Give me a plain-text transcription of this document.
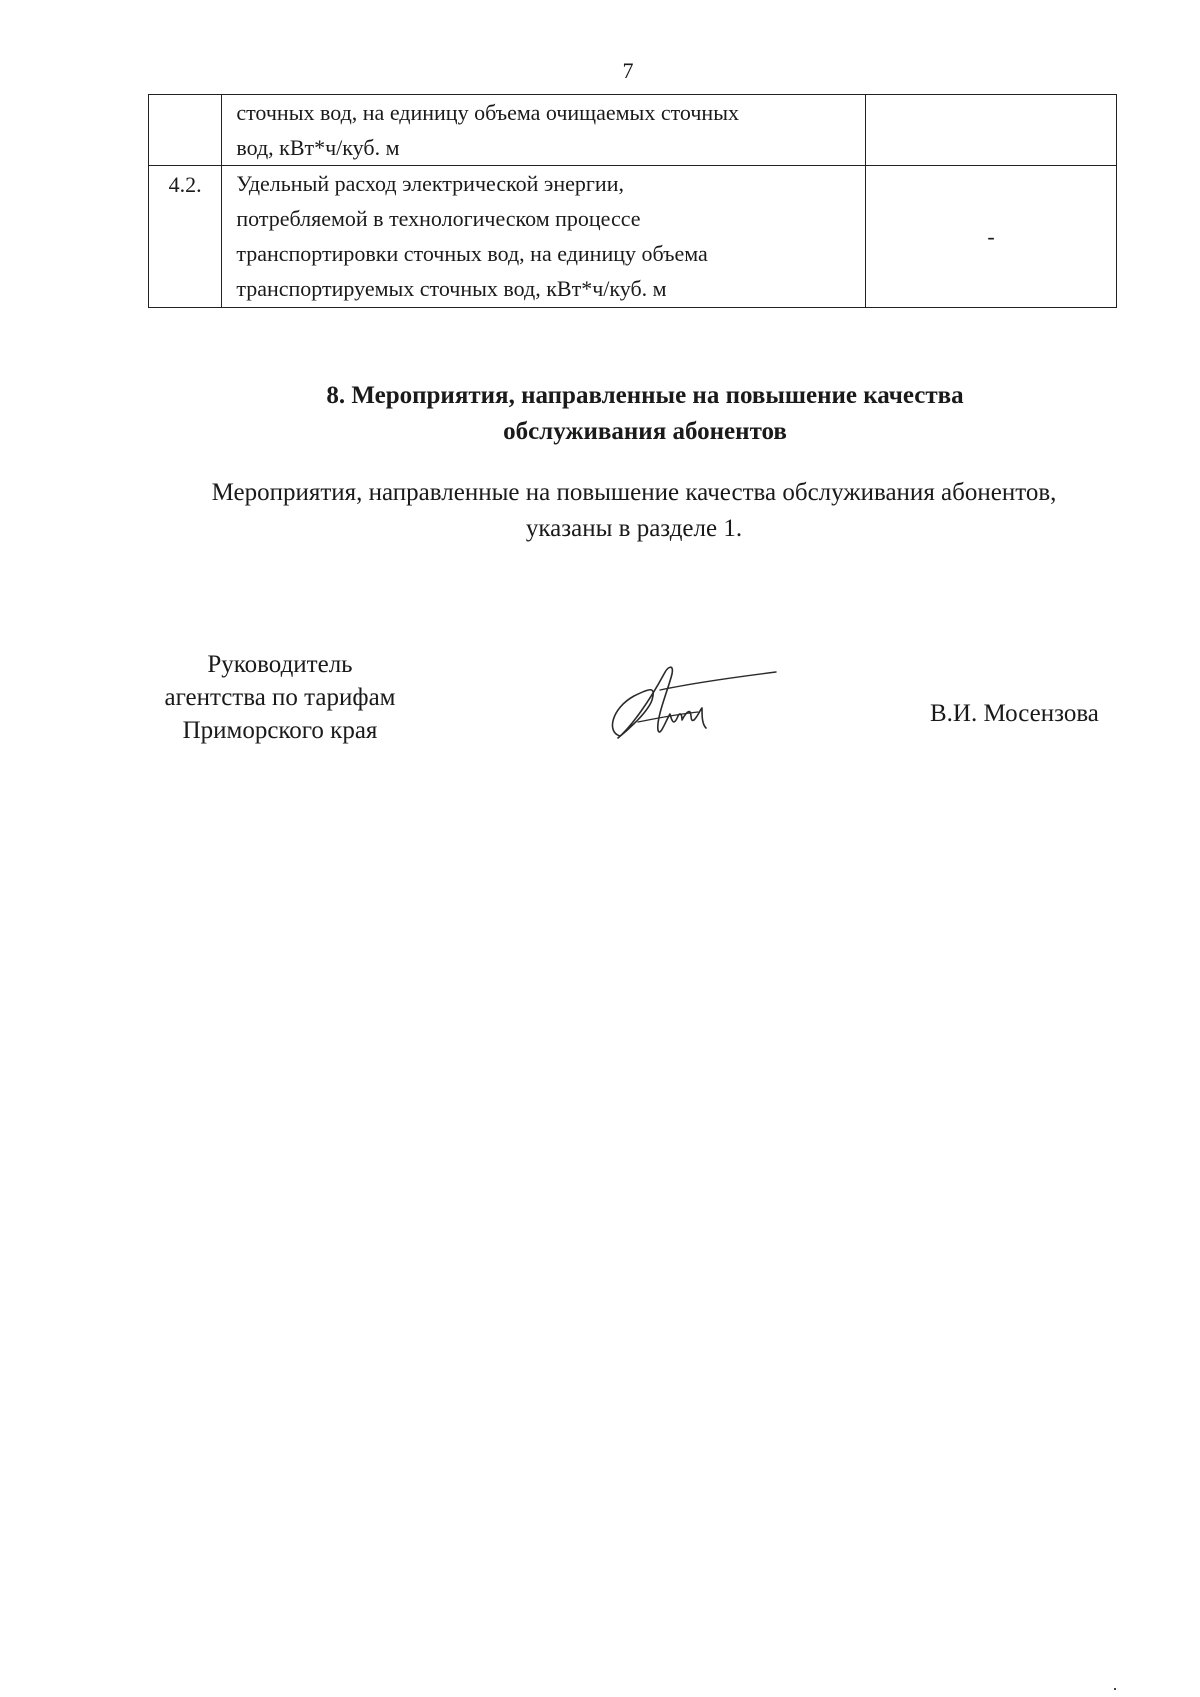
7

	сточных вод, на единицу объема очищаемых сточных
вод, кВт*ч/куб. м	

4.2.	Удельный расход электрической энергии,
потребляемой в технологическом процессе
транспортировки сточных вод, на единицу объема
транспортируемых сточных вод, кВт*ч/куб. м	-
8. Мероприятия, направленные на повышение качества
обслуживания абонентов
Мероприятия, направленные на повышение качества обслуживания абонентов,
указаны в разделе 1.
Руководитель
агентства по тарифам
Приморского края
В.И. Мосензова
